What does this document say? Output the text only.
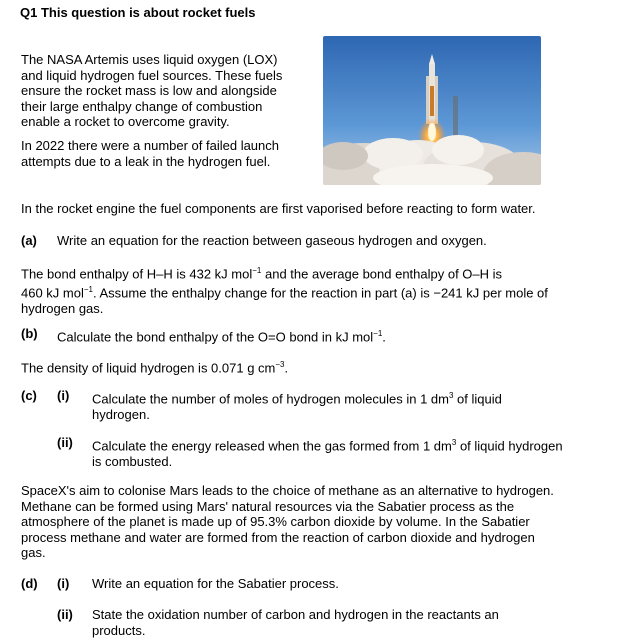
Q1 This question is about rocket fuels
The NASA Artemis uses liquid oxygen (LOX)
and liquid hydrogen fuel sources. These fuels
ensure the rocket mass is low and alongside
their large enthalpy change of combustion
enable a rocket to overcome gravity.
In 2022 there were a number of failed launch
attempts due to a leak in the hydrogen fuel.
In the rocket engine the fuel components are first vaporised before reacting to form water.
(a) Write an equation for the reaction between gaseous hydrogen and oxygen.
The bond enthalpy of H–H is 432 kJ mol$^{-1}$ and the average bond enthalpy of O–H is
460 kJ mol$^{-1}$. Assume the enthalpy change for the reaction in part (a) is −241 kJ per mole of
hydrogen gas.
(b) Calculate the bond enthalpy of the O=O bond in kJ mol$^{-1}$.
The density of liquid hydrogen is 0.071 g $cm^{-3}$.
(c) (i) Calculate the number of moles of hydrogen molecules in 1 $dm^3$ of liquid
hydrogen.
(ii) Calculate the energy released when the gas formed from 1 $dm^3$ of liquid hydrogen
is combusted.
SpaceX's aim to colonise Mars leads to the choice of methane as an alternative to hydrogen.
Methane can be formed using Mars' natural resources via the Sabatier process as the
atmosphere of the planet is made up of 95.3% carbon dioxide by volume. In the Sabatier
process methane and water are formed from the reaction of carbon dioxide and hydrogen
gas.
(d) (i) Write an equation for the Sabatier process.
(ii) State the oxidation number of carbon and hydrogen in the reactants an
products.
